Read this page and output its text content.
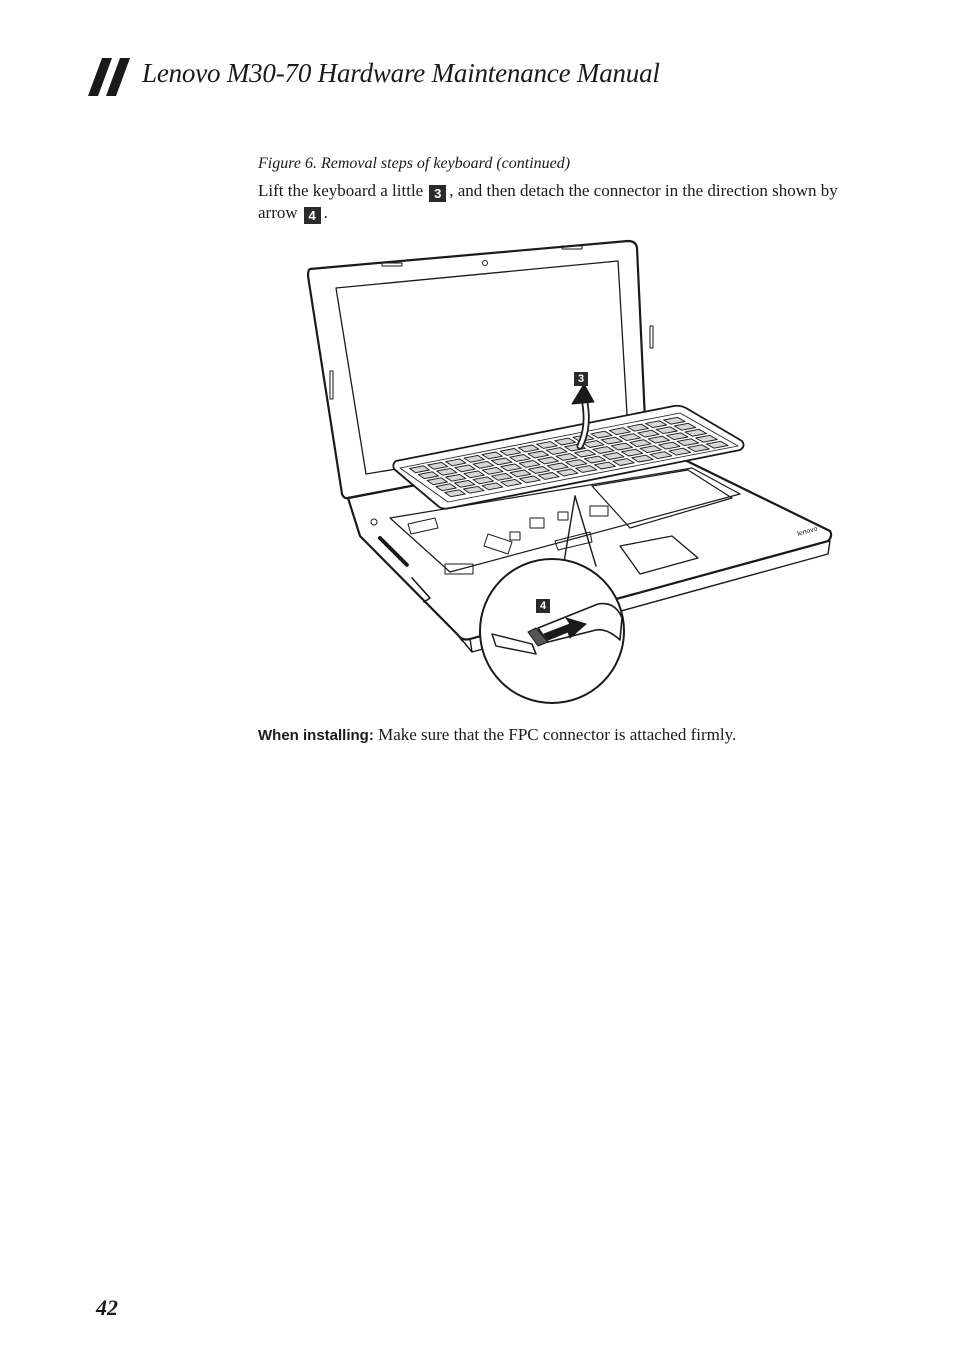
Lenovo M30-70 Hardware Maintenance Manual
Figure 6. Removal steps of keyboard (continued)
Lift the keyboard a little 3 , and then detach the connector in the direction shown by arrow 4 .
lenovo
3
4
When installing: Make sure that the FPC connector is attached firmly.
42
